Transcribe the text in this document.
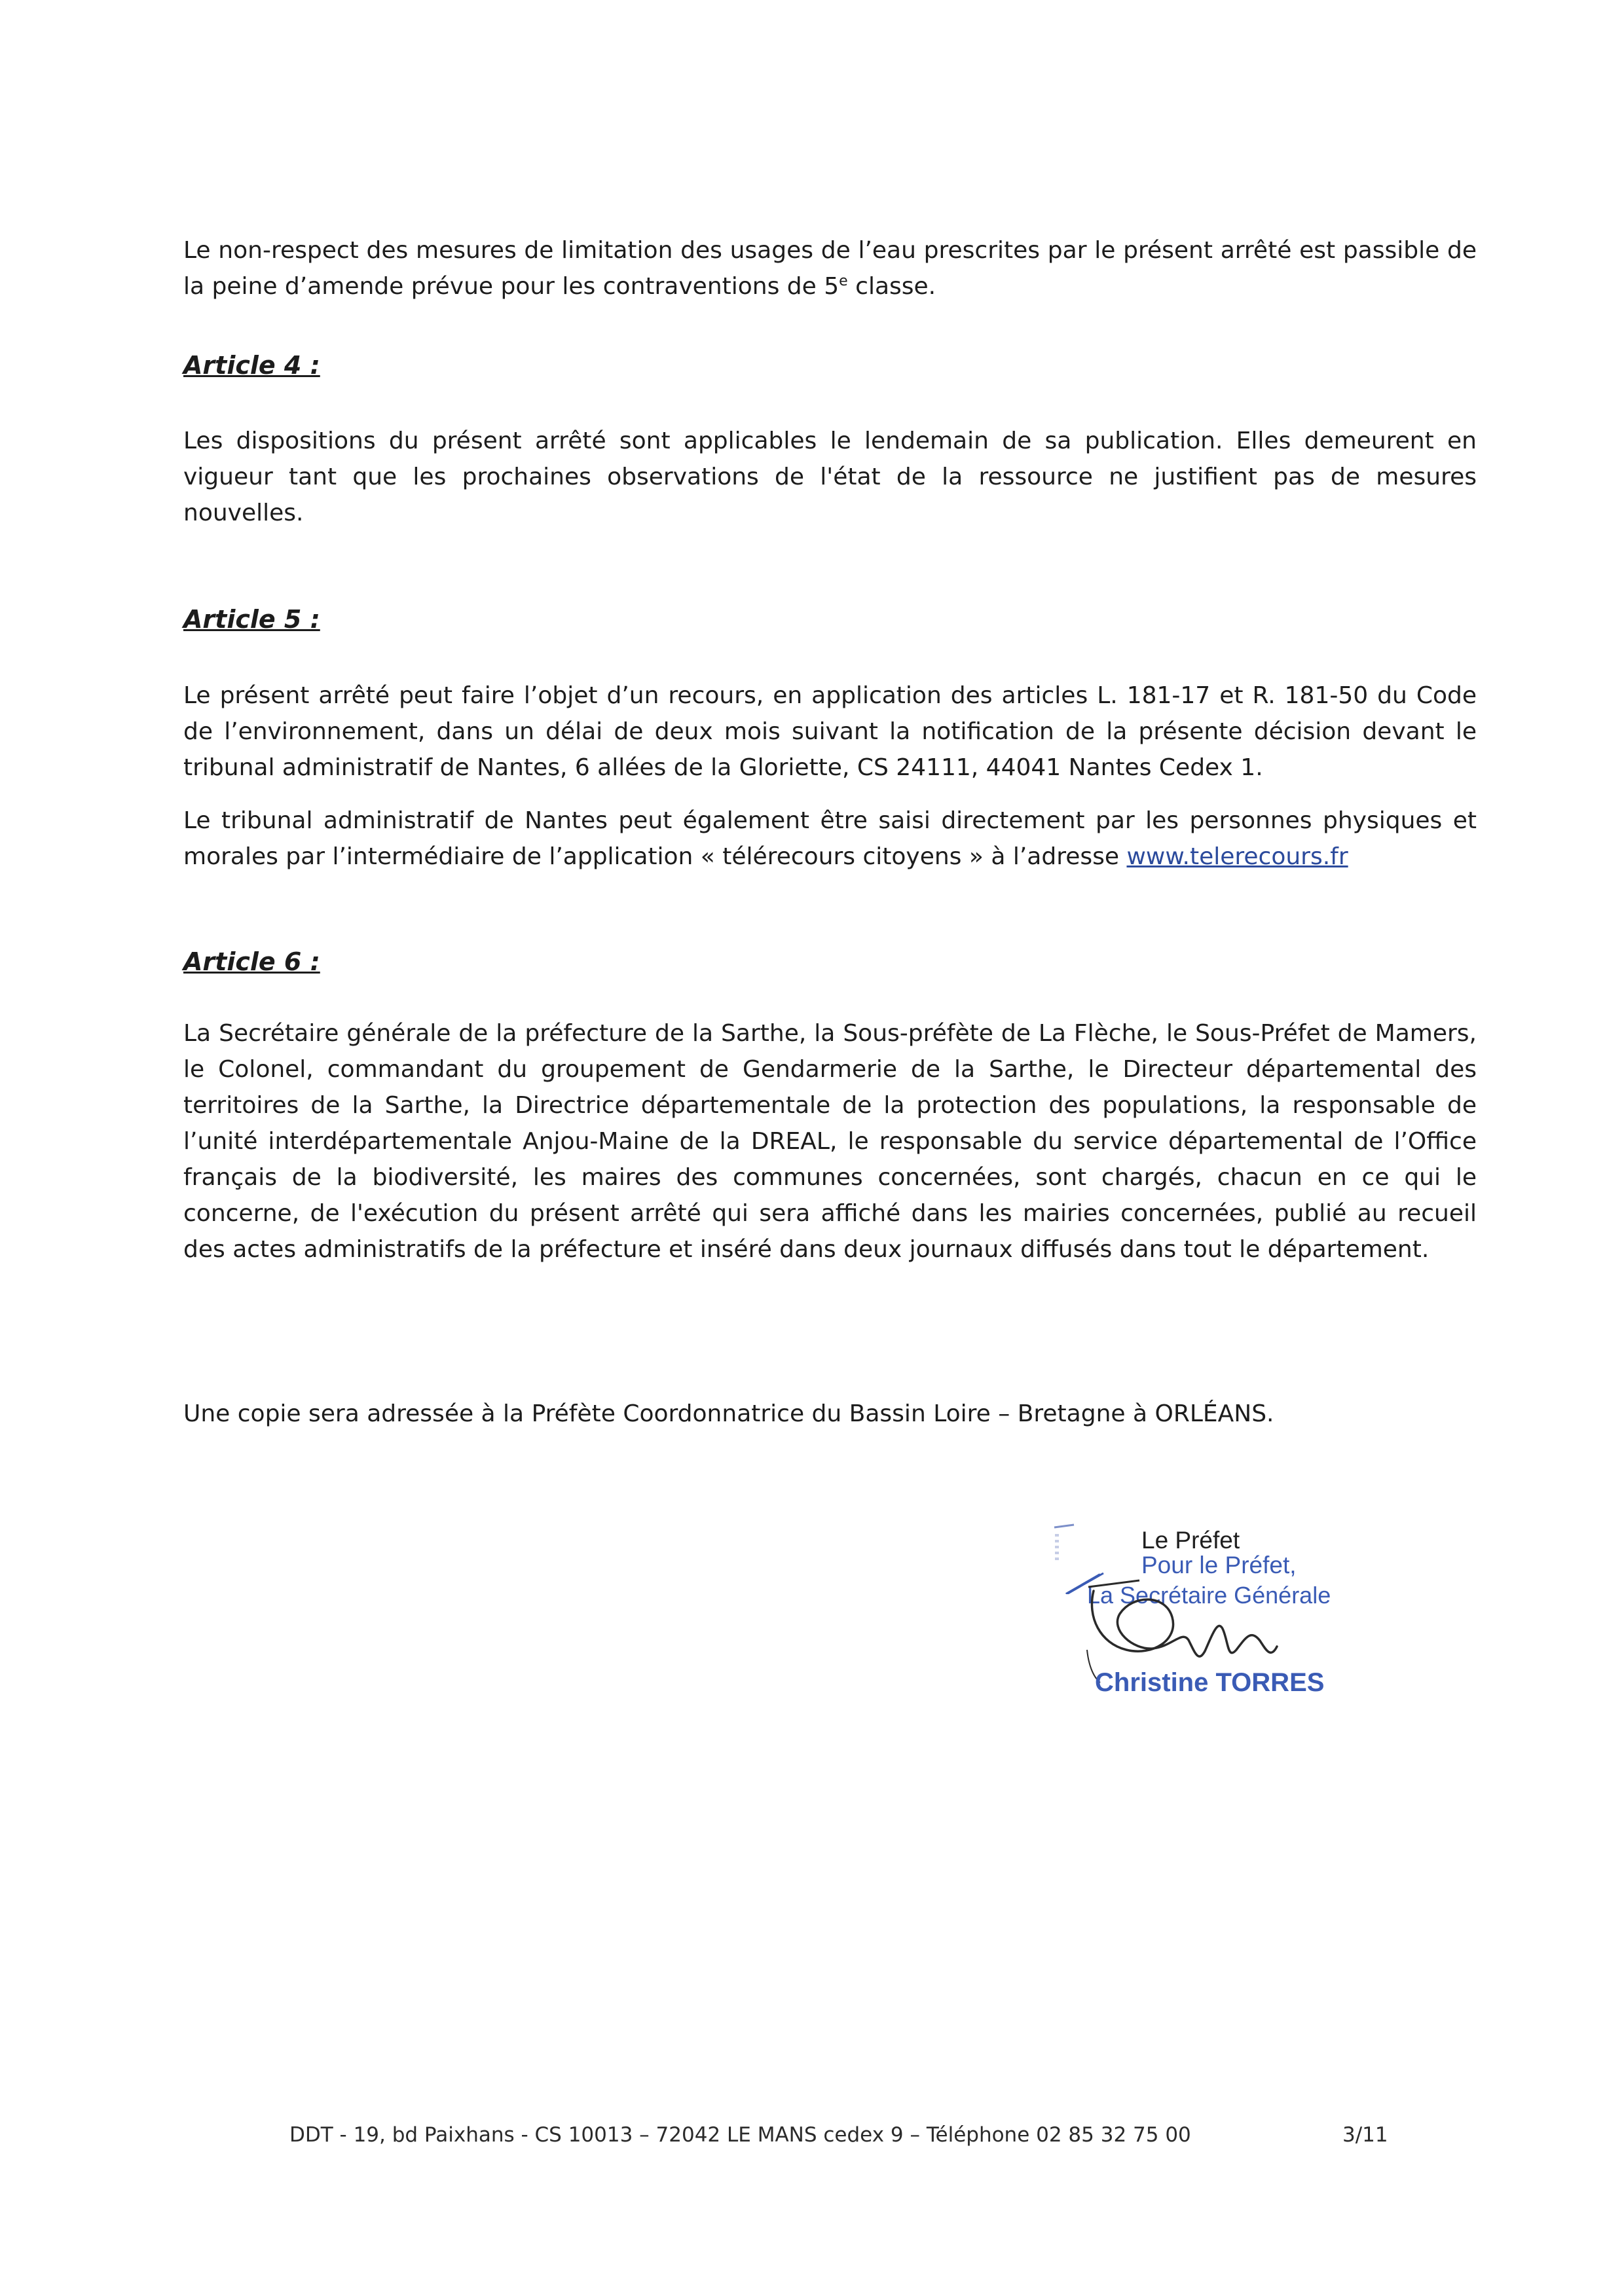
Le non-respect des mesures de limitation des usages de l’eau prescrites par le présent arrêté est passible de la peine d’amende prévue pour les contraventions de 5e classe.

Article 4 :

Les dispositions du présent arrêté sont applicables le lendemain de sa publication. Elles demeurent en vigueur tant que les prochaines observations de l'état de la ressource ne justifient pas de mesures nouvelles.

Article 5 :

Le présent arrêté peut faire l’objet d’un recours, en application des articles L. 181-17 et R. 181-50 du Code de l’environnement, dans un délai de deux mois suivant la notification de la présente décision devant le tribunal administratif de Nantes, 6 allées de la Gloriette, CS 24111, 44041 Nantes Cedex 1.

Le tribunal administratif de Nantes peut également être saisi directement par les personnes physiques et morales par l’intermédiaire de l’application « télérecours citoyens » à l’adresse www.telerecours.fr

Article 6 :

La Secrétaire générale de la préfecture de la Sarthe, la Sous-préfète de La Flèche, le Sous-Préfet de Mamers, le Colonel, commandant du groupement de Gendarmerie de la Sarthe, le Directeur départemental des territoires de la Sarthe, la Directrice départementale de la protection des populations, la responsable de l’unité interdépartementale Anjou-Maine de la DREAL, le responsable du service départemental de l’Office français de la biodiversité, les maires des communes concernées, sont chargés, chacun en ce qui le concerne, de l'exécution du présent arrêté qui sera affiché dans les mairies concernées, publié au recueil des actes administratifs de la préfecture et inséré dans deux journaux diffusés dans tout le département.

Une copie sera adressée à la Préfète Coordonnatrice du Bassin Loire – Bretagne à ORLÉANS.

Le Préfet
Pour le Préfet,
La Secrétaire Générale
Christine TORRES
DDT - 19, bd Paixhans - CS 10013 – 72042 LE MANS cedex 9 – Téléphone 02 85 32 75 00	3/11
